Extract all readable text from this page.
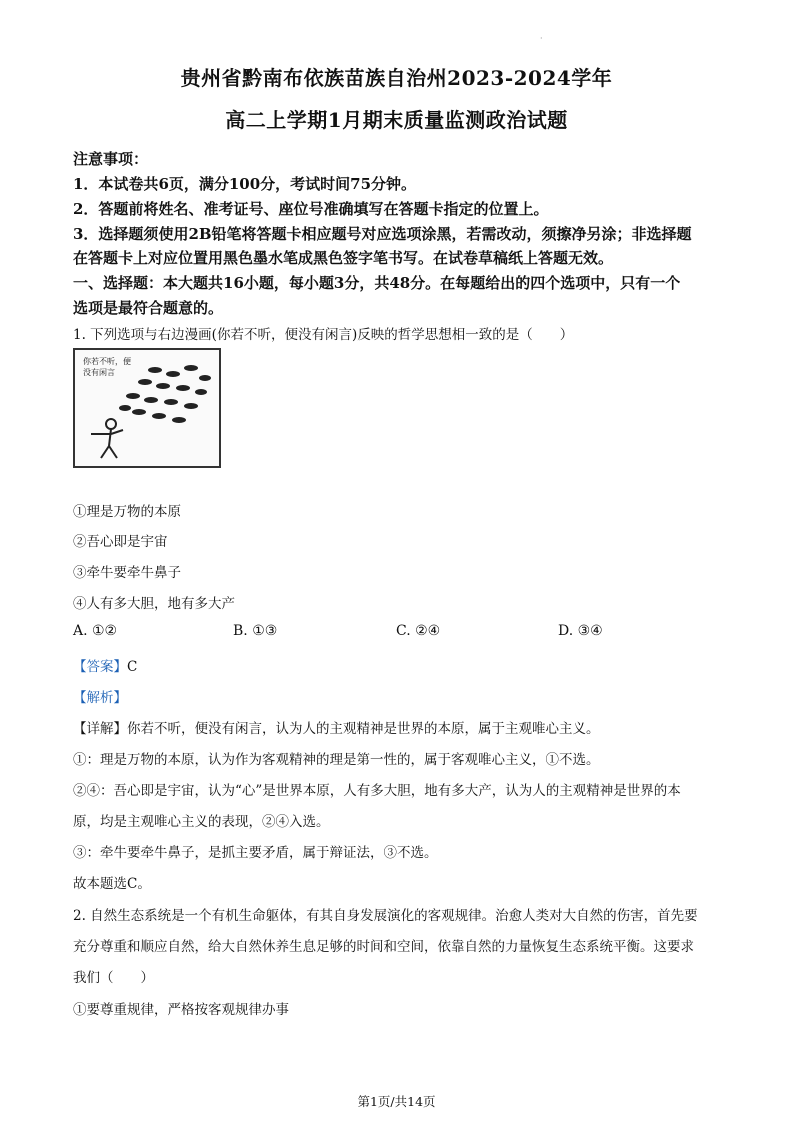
·
贵州省黔南布依族苗族自治州2023-2024学年
高二上学期1月期末质量监测政治试题
注意事项：
1．本试卷共6页，满分100分，考试时间75分钟。
2．答题前将姓名、准考证号、座位号准确填写在答题卡指定的位置上。
3．选择题须使用2B铅笔将答题卡相应题号对应选项涂黑，若需改动，须擦净另涂；非选择题
在答题卡上对应位置用黑色墨水笔成黑色签字笔书写。在试卷草稿纸上答题无效。
一、选择题：本大题共16小题，每小题3分，共48分。在每题给出的四个选项中，只有一个
选项是最符合题意的。
1. 下列选项与右边漫画(你若不听，便没有闲言)反映的哲学思想相一致的是（　　）
你若不听，便
没有闲言
①理是万物的本原
②吾心即是宇宙
③牵牛要牵牛鼻子
④人有多大胆，地有多大产
A. ①②	B. ①③	C. ②④	D. ③④
【答案】C
【解析】
【详解】你若不听，便没有闲言，认为人的主观精神是世界的本原，属于主观唯心主义。
①：理是万物的本原，认为作为客观精神的理是第一性的，属于客观唯心主义，①不选。
②④：吾心即是宇宙，认为“心”是世界本原，人有多大胆，地有多大产，认为人的主观精神是世界的本
原，均是主观唯心主义的表现，②④入选。
③：牵牛要牵牛鼻子，是抓主要矛盾，属于辩证法，③不选。
故本题选C。
2. 自然生态系统是一个有机生命躯体，有其自身发展演化的客观规律。治愈人类对大自然的伤害，首先要
充分尊重和顺应自然，给大自然休养生息足够的时间和空间，依靠自然的力量恢复生态系统平衡。这要求
我们（　　）
①要尊重规律，严格按客观规律办事
第1页/共14页
